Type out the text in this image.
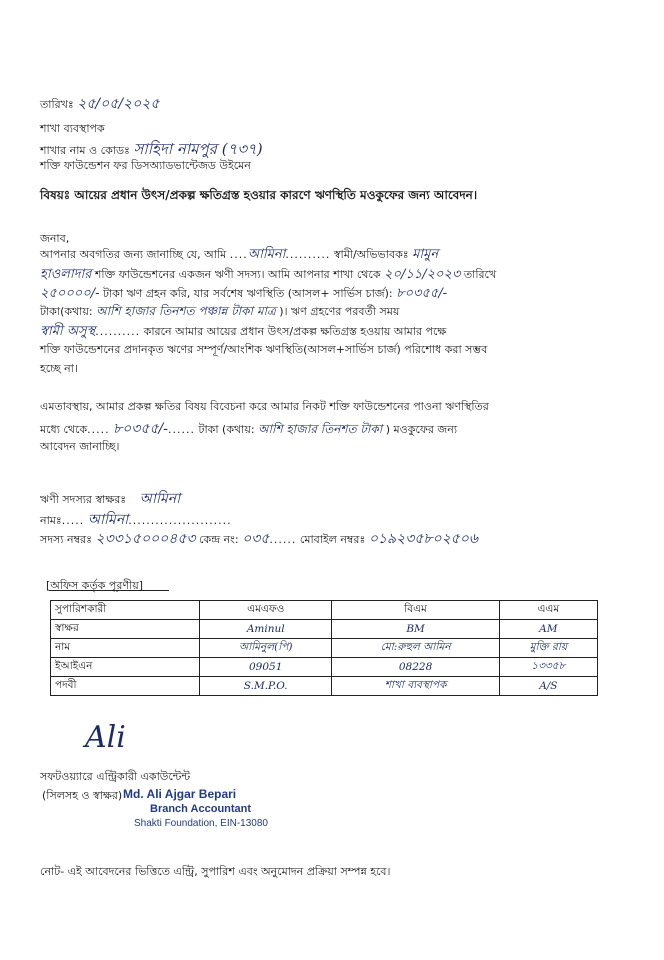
তারিখঃ ২৫/০৫/২০২৫
শাখা ব্যবস্থাপক
শাখার নাম ও কোডঃ সাহিদা নামপুর (৭৩৭)
শক্তি ফাউন্ডেশন ফর ডিসঅ্যাডভান্টেজড উইমেন
বিষয়ঃ আয়ের প্রধান উৎস/প্রকল্প ক্ষতিগ্রস্ত হওয়ার কারণে ঋণস্থিতি মওকুফের জন্য আবেদন।
জনাব,
আপনার অবগতির জন্য জানাচ্ছি যে, আমি ....আমিনা.......... স্বামী/অভিভাবকঃ মামুন
হাওলাদার শক্তি ফাউন্ডেশনের একজন ঋণী সদস্য। আমি আপনার শাখা থেকে ২০/১১/২০২৩ তারিখে
২৫০০০০/- টাকা ঋণ গ্রহন করি, যার সর্বশেষ ঋণস্থিতি (আসল+ সার্ভিস চার্জ): ৮০৩৫৫/-
টাকা(কথায়: আশি হাজার তিনশত পঞ্চান্ন টাকা মাত্র )। ঋণ গ্রহণের পরবর্তী সময়
স্বামী অসুস্থ.......... কারনে আমার আয়ের প্রধান উৎস/প্রকল্প ক্ষতিগ্রস্ত হওয়ায় আমার পক্ষে
শক্তি ফাউন্ডেশনের প্রদানকৃত ঋণের সম্পূর্ণ/আংশিক ঋণস্থিতি(আসল+সার্ভিস চার্জ) পরিশোধ করা সম্ভব
হচ্ছে না।
এমতাবস্থায়, আমার প্রকল্প ক্ষতির বিষয় বিবেচনা করে আমার নিকট শক্তি ফাউন্ডেশনের পাওনা ঋণস্থিতির
মধ্যে থেকে..... ৮০৩৫৫/-...... টাকা (কথায়: আশি হাজার তিনশত টাকা ) মওকুফের জন্য
আবেদন জানাচ্ছি।
ঋণী সদস্যর স্বাক্ষরঃ আমিনা
নামঃ..... আমিনা.......................
সদস্য নম্বরঃ ২৩৩১৫০০০৪৫৩ কেন্দ্র নং: ০৩৫...... মোবাইল নম্বরঃ ০১৯২৩৫৮০২৫০৬
[অফিস কর্তৃক পূরণীয়]
সুপারিশকারী	এমএফও	বিএম	এএম
স্বাক্ষর	Aminul	BM	AM
নাম	আমিনুল(পি)	মো:রুহুল আমিন	মুক্তি রায়
ইআইএন	09051	08228	১৩৩৫৮
পদবী	S.M.P.O.	শাখা ব্যবস্থাপক	A/S
Ali
সফটওয়্যারে এন্ট্রিকারী একাউন্টেন্ট
(সিলসহ ও স্বাক্ষর) Md. Ali Ajgar Bepari
Branch Accountant
Shakti Foundation, EIN-13080
নোট- এই আবেদনের ভিত্তিতে এন্ট্রি, সুপারিশ এবং অনুমোদন প্রক্রিয়া সম্পন্ন হবে।
